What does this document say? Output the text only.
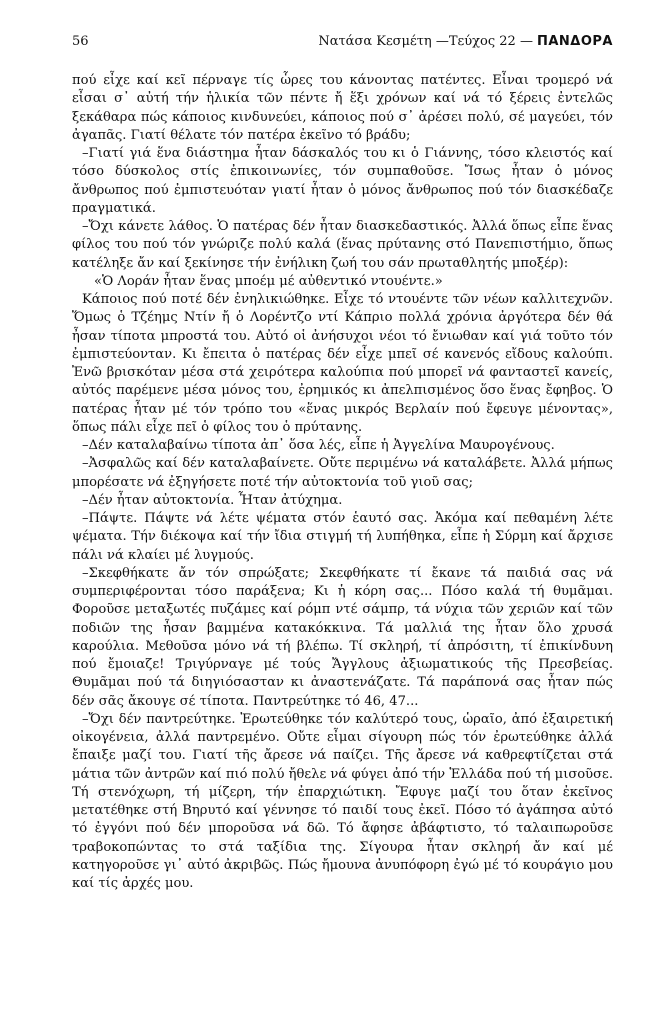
56	Νατάσα Κεσμέτη —Τεύχος 22 — ΠΑΝΔΟΡΑ

πού εἶχε καί κεῖ πέρναγε τίς ὧρες του κάνοντας πατέντες. Εἶναι τρομερό νά εἶσαι σ᾽ αὐτή τήν ἡλικία τῶν πέντε ἤ ἕξι χρόνων καί νά τό ξέρεις ἐντελῶς ξεκάθαρα πώς κάποιος κινδυνεύει, κάποιος πού σ᾽ ἀρέσει πολύ, σέ μαγεύει, τόν ἀγαπᾶς. Γιατί θέλατε τόν πατέρα ἐκεῖνο τό βράδυ;

–Γιατί γιά ἕνα διάστημα ἦταν δάσκαλός του κι ὁ Γιάννης, τόσο κλειστός καί τόσο δύσκολος στίς ἐπικοινωνίες, τόν συμπαθοῦσε. Ἴσως ἦταν ὁ μόνος ἄνθρωπος πού ἐμπιστευόταν γιατί ἦταν ὁ μόνος ἄνθρωπος πού τόν διασκέδαζε πραγματικά.

–Ὄχι κάνετε λάθος. Ὁ πατέρας δέν ἦταν διασκεδαστικός. Ἀλλά ὅπως εἶπε ἕνας φίλος του πού τόν γνώριζε πολύ καλά (ἕνας πρύτανης στό Πανεπιστήμιο, ὅπως κατέληξε ἄν καί ξεκίνησε τήν ἐνήλικη ζωή του σάν πρωταθλητής μποξέρ):

«Ὁ Λοράν ἦταν ἕνας μποέμ μέ αὐθεντικό ντουέντε.»

Κάποιος πού ποτέ δέν ἐνηλικιώθηκε. Εἶχε τό ντουέντε τῶν νέων καλλιτεχνῶν. Ὅμως ὁ Τζέημς Ντίν ἤ ὁ Λορέντζο ντί Κάπριο πολλά χρόνια ἀργότερα δέν θά ἦσαν τίποτα μπροστά του. Αὐτό οἱ ἀνήσυχοι νέοι τό ἔνιωθαν καί γιά τοῦτο τόν ἐμπιστεύονταν. Κι ἔπειτα ὁ πατέρας δέν εἶχε μπεῖ σέ κανενός εἴδους καλούπι. Ἐνῶ βρισκόταν μέσα στά χειρότερα καλούπια πού μπορεῖ νά φανταστεῖ κανείς, αὐτός παρέμενε μέσα μόνος του, ἐρημικός κι ἀπελπισμένος ὅσο ἕνας ἔφηβος. Ὁ πατέρας ἦταν μέ τόν τρόπο του «ἕνας μικρός Βερλαίν πού ἔφευγε μένοντας», ὅπως πάλι εἶχε πεῖ ὁ φίλος του ὁ πρύτανης.

–Δέν καταλαβαίνω τίποτα ἀπ᾽ ὅσα λές, εἶπε ἡ Ἀγγελίνα Μαυρογένους.

–Ἀσφαλῶς καί δέν καταλαβαίνετε. Οὔτε περιμένω νά καταλάβετε. Ἀλλά μήπως μπορέσατε νά ἐξηγήσετε ποτέ τήν αὐτοκτονία τοῦ γιοῦ σας;

–Δέν ἦταν αὐτοκτονία. Ἦταν ἀτύχημα.

–Πάψτε. Πάψτε νά λέτε ψέματα στόν ἑαυτό σας. Ἀκόμα καί πεθαμένη λέτε ψέματα. Τήν διέκοψα καί τήν ἴδια στιγμή τή λυπήθηκα, εἶπε ἡ Σύρμη καί ἄρχισε πάλι νά κλαίει μέ λυγμούς.

–Σκεφθήκατε ἄν τόν σπρώξατε; Σκεφθήκατε τί ἔκανε τά παιδιά σας νά συμπεριφέρονται τόσο παράξενα; Κι ἡ κόρη σας... Πόσο καλά τή θυμᾶμαι. Φοροῦσε μεταξωτές πυζάμες καί ρόμπ ντέ σάμπρ, τά νύχια τῶν χεριῶν καί τῶν ποδιῶν της ἦσαν βαμμένα κατακόκκινα. Τά μαλλιά της ἦταν ὅλο χρυσά καρούλια. Μεθοῦσα μόνο νά τή βλέπω. Τί σκληρή, τί ἀπρόσιτη, τί ἐπικίνδυνη πού ἔμοιαζε! Τριγύρναγε μέ τούς Ἄγγλους ἀξιωματικούς τῆς Πρεσβείας. Θυμᾶμαι πού τά διηγιόσασταν κι ἀναστενάζατε. Τά παράπονά σας ἦταν πώς δέν σᾶς ἄκουγε σέ τίποτα. Παντρεύτηκε τό 46, 47...

–Ὄχι δέν παντρεύτηκε. Ἐρωτεύθηκε τόν καλύτερό τους, ὡραῖο, ἀπό ἐξαιρετική οἰκογένεια, ἀλλά παντρεμένο. Οὔτε εἶμαι σίγουρη πώς τόν ἐρωτεύθηκε ἀλλά ἔπαιξε μαζί του. Γιατί τῆς ἄρεσε νά παίζει. Τῆς ἄρεσε νά καθρεφτίζεται στά μάτια τῶν ἀντρῶν καί πιό πολύ ἤθελε νά φύγει ἀπό τήν Ἑλλάδα πού τή μισοῦσε. Τή στενόχωρη, τή μίζερη, τήν ἐπαρχιώτικη. Ἔφυγε μαζί του ὅταν ἐκεῖνος μετατέθηκε στή Βηρυτό καί γέννησε τό παιδί τους ἐκεῖ. Πόσο τό ἀγάπησα αὐτό τό ἐγγόνι πού δέν μποροῦσα νά δῶ. Τό ἄφησε ἀβάφτιστο, τό ταλαιπωροῦσε τραβοκοπώντας το στά ταξίδια της. Σίγουρα ἦταν σκληρή ἄν καί μέ κατηγοροῦσε γι᾽ αὐτό ἀκριβῶς. Πώς ἤμουνα ἀνυπόφορη ἐγώ μέ τό κουράγιο μου καί τίς ἀρχές μου.
